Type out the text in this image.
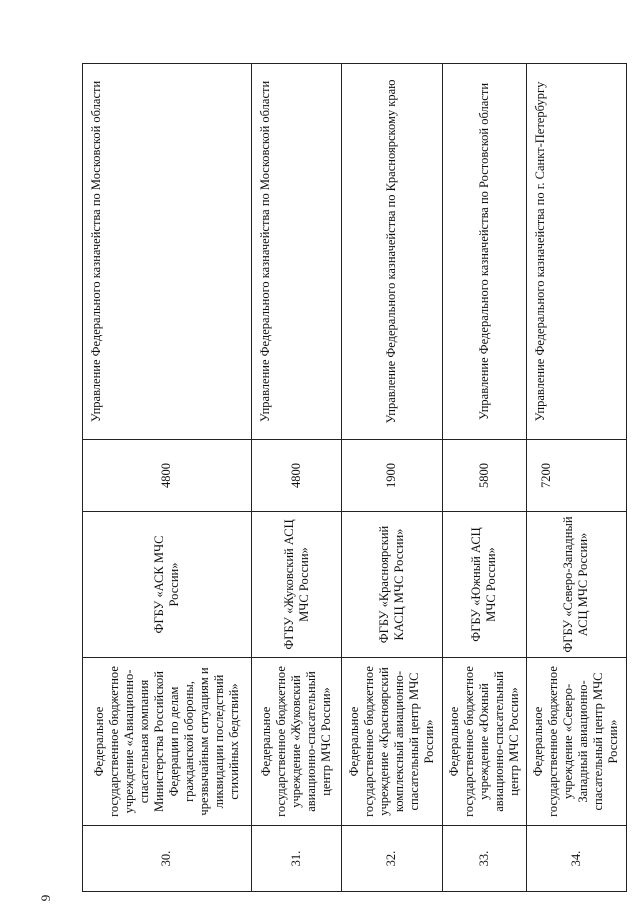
9
30.	Федеральное государственное бюджетное учреждение «Авиационно-спасательная компания Министерства Российской Федерации по делам гражданской обороны, чрезвычайным ситуациям и ликвидации последствий стихийных бедствий»	ФГБУ «АСК МЧС России»	4800	Управление Федерального казначейства по Московской области
31.	Федеральное государственное бюджетное учреждение «Жуковский авиационно-спасательный центр МЧС России»	ФГБУ «Жуковский АСЦ МЧС России»	4800	Управление Федерального казначейства по Московской области
32.	Федеральное государственное бюджетное учреждение «Красноярский комплексный авиационно-спасательный центр МЧС России»	ФГБУ «Красноярский КАСЦ МЧС России»	1900	Управление Федерального казначейства по Красноярскому краю
33.	Федеральное государственное бюджетное учреждение «Южный авиационно-спасательный центр МЧС России»	ФГБУ «Южный АСЦ МЧС России»	5800	Управление Федерального казначейства по Ростовской области
34.	Федеральное государственное бюджетное учреждение «Северо-Западный авиационно-спасательный центр МЧС России»	ФГБУ «Северо-Западный АСЦ МЧС России»	7200	Управление Федерального казначейства по г. Санкт-Петербургу
